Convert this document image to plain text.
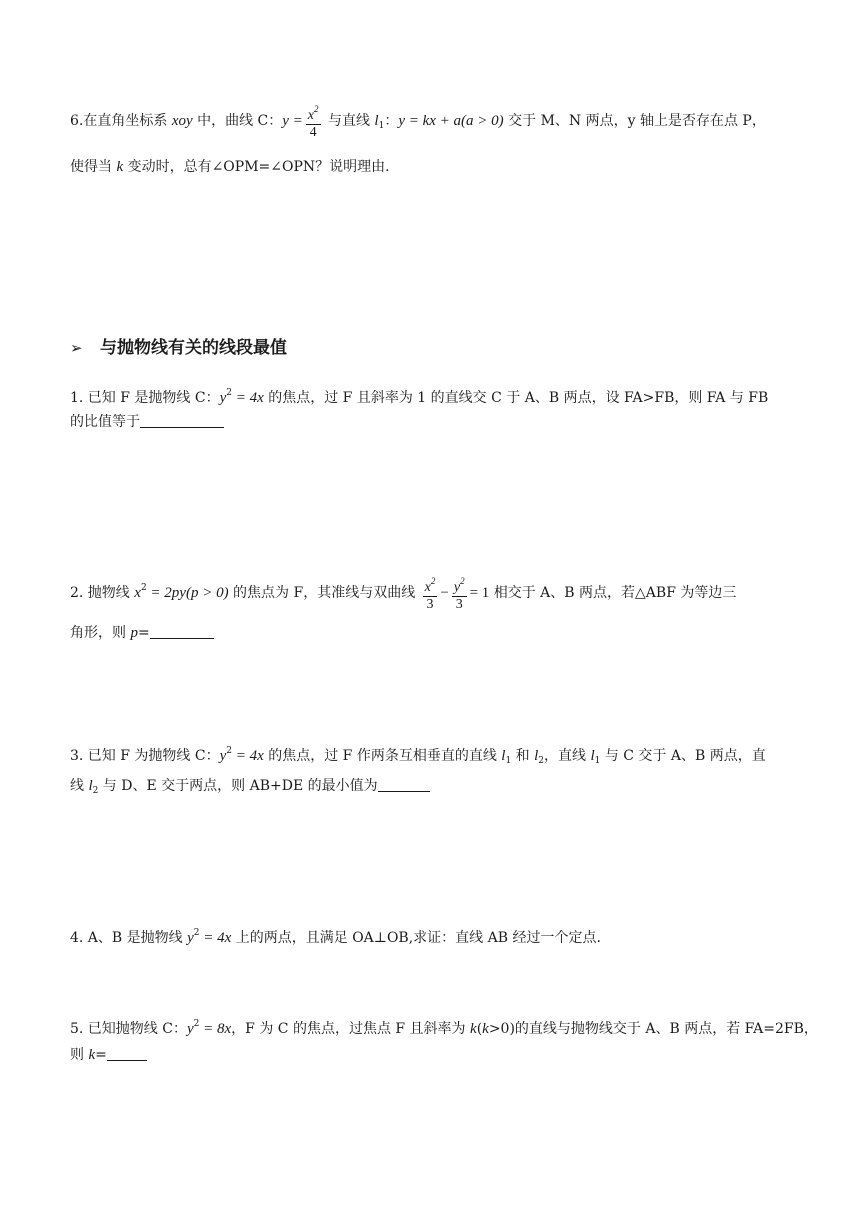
6.在直角坐标系 xoy 中，曲线 C：$y = \frac{x^2}{4}$ 与直线 $l_1$：y = kx + a(a > 0) 交于 M、N 两点，y 轴上是否存在点 P，
使得当 k 变动时，总有∠OPM=∠OPN？说明理由.
➢ 与抛物线有关的线段最值
1. 已知 F 是抛物线 C：$y^2 = 4x$ 的焦点，过 F 且斜率为 1 的直线交 C 于 A、B 两点，设 FA>FB，则 FA 与 FB
的比值等于
2. 抛物线 $x^2 = 2py(p > 0)$ 的焦点为 F，其准线与双曲线 $\frac{x^2}{3} - \frac{y^2}{3} = 1$ 相交于 A、B 两点，若△ABF 为等边三
角形，则 p=
3. 已知 F 为抛物线 C：$y^2 = 4x$ 的焦点，过 F 作两条互相垂直的直线 $l_1$ 和 $l_2$，直线 $l_1$ 与 C 交于 A、B 两点，直
线 $l_2$ 与 D、E 交于两点，则 AB+DE 的最小值为
4. A、B 是抛物线 $y^2 = 4x$ 上的两点，且满足 OA⊥OB,求证：直线 AB 经过一个定点.
5. 已知抛物线 C：$y^2 = 8x$，F 为 C 的焦点，过焦点 F 且斜率为 k(k>0)的直线与抛物线交于 A、B 两点，若 FA=2FB，
则 k=
